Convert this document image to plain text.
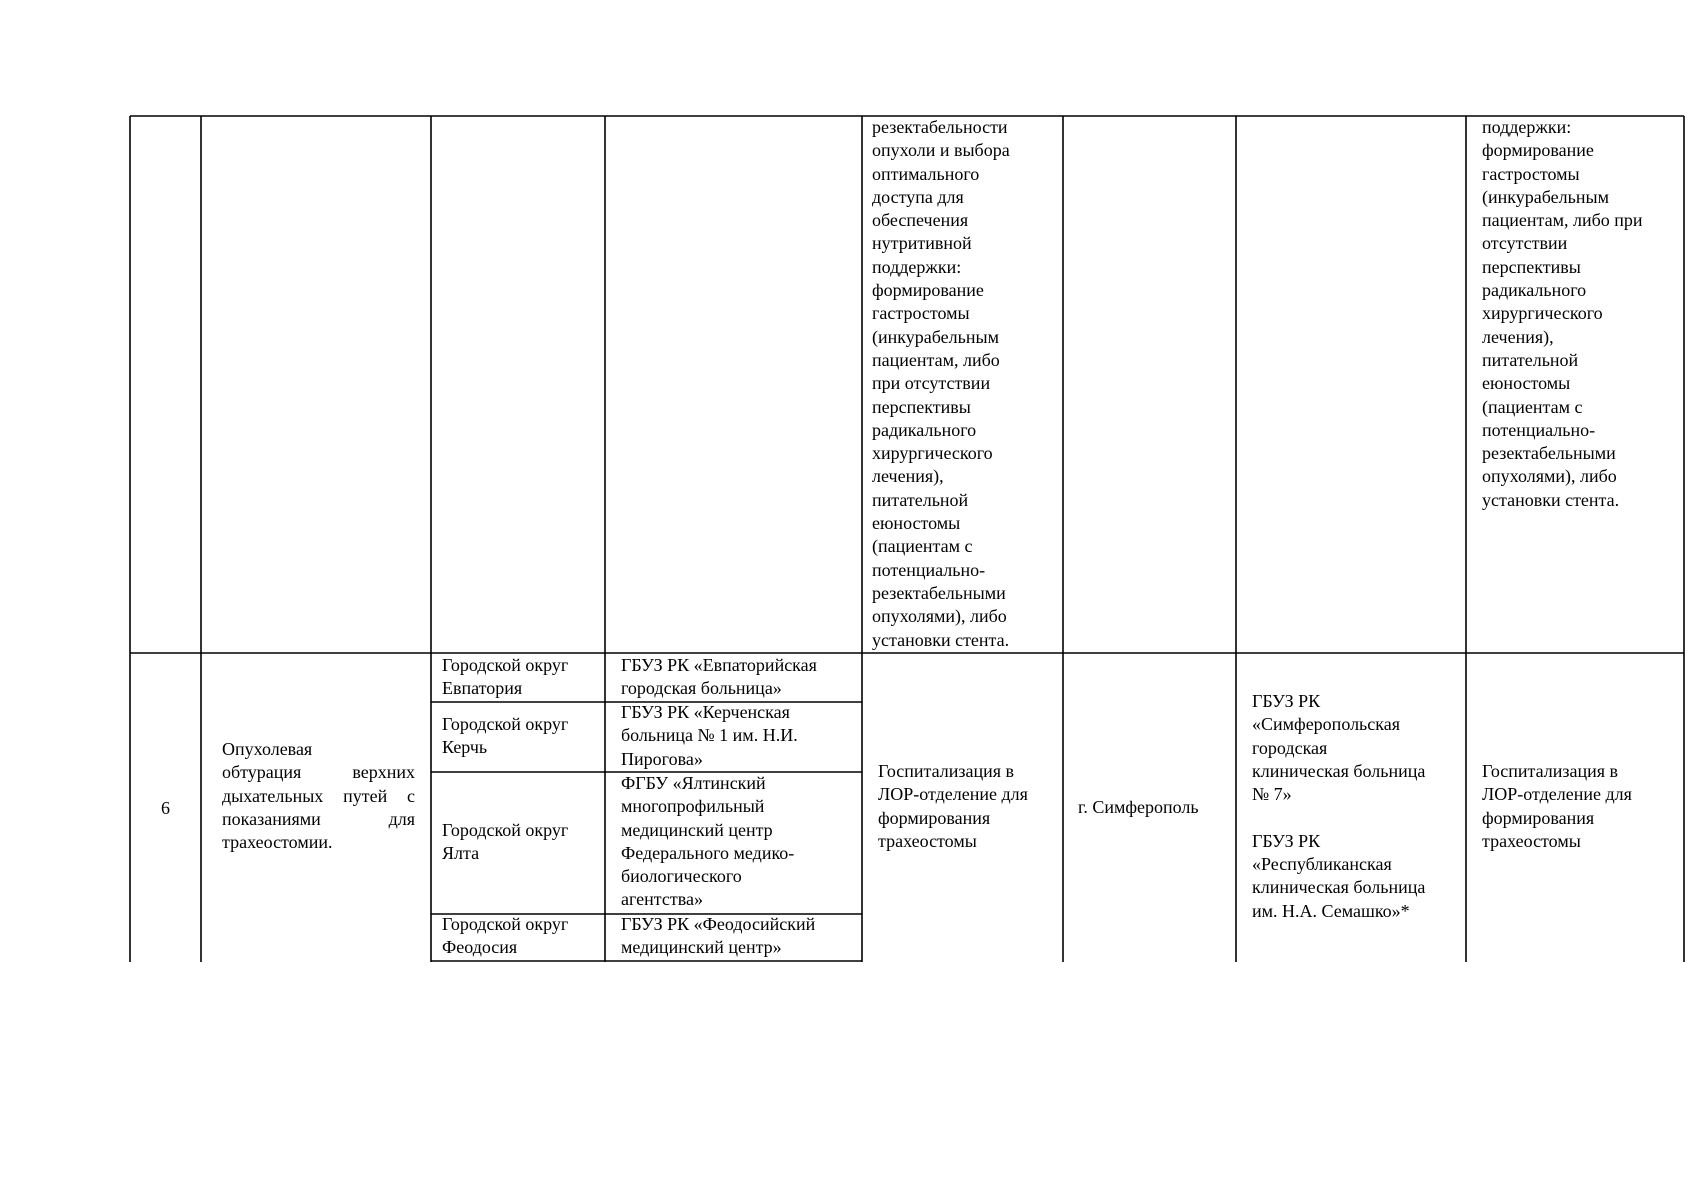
резектабельности
опухоли и выбора
оптимального
доступа для
обеспечения
нутритивной
поддержки:
формирование
гастростомы
(инкурабельным
пациентам, либо
при отсутствии
перспективы
радикального
хирургического
лечения),
питательной
еюностомы
(пациентам с
потенциально-
резектабельными
опухолями), либо
установки стента.
поддержки:
формирование
гастростомы
(инкурабельным
пациентам, либо при
отсутствии
перспективы
радикального
хирургического
лечения),
питательной
еюностомы
(пациентам с
потенциально-
резектабельными
опухолями), либо
установки стента.
6
Опухолевая
обтурация верхних
дыхательных путей с
показаниями для
трахеостомии.
Городской округ
Евпатория
ГБУЗ РК «Евпаторийская
городская больница»
Городской округ
Керчь
ГБУЗ РК «Керченская
больница № 1 им. Н.И.
Пирогова»
Городской округ
Ялта
ФГБУ «Ялтинский
многопрофильный
медицинский центр
Федерального медико-
биологического
агентства»
Городской округ
Феодосия
ГБУЗ РК «Феодосийский
медицинский центр»
Госпитализация в
ЛОР-отделение для
формирования
трахеостомы
г. Симферополь
ГБУЗ РК
«Симферопольская
городская
клиническая больница
№ 7»

ГБУЗ РК
«Республиканская
клиническая больница
им. Н.А. Семашко»*
Госпитализация в
ЛОР-отделение для
формирования
трахеостомы
